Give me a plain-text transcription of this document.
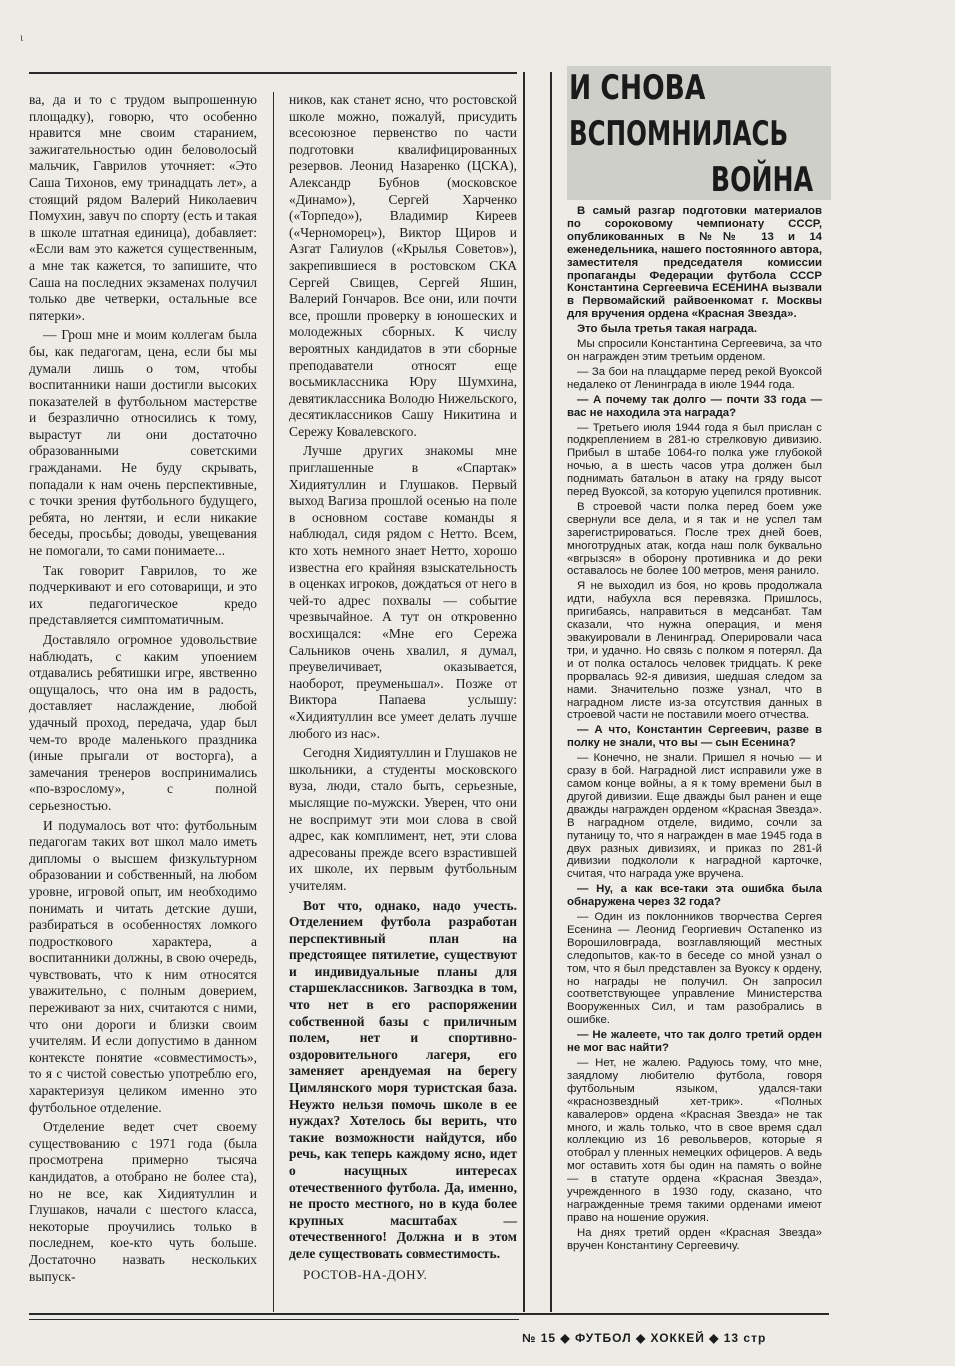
ι
И СНОВА
ВСПОМНИЛАСЬ
ВОЙНА

ва, да и то с трудом выпрошенную площадку), говорю, что особенно нравится мне своим старанием, зажигательностью один беловолосый мальчик, Гаврилов уточняет: «Это Саша Тихонов, ему тринадцать лет», а стоящий рядом Валерий Николаевич Помухин, завуч по спорту (есть и такая в школе штатная единица), добавляет: «Если вам это кажется существенным, а мне так кажется, то запишите, что Саша на последних экзаменах получил только две четверки, остальные все пятерки».

— Грош мне и моим коллегам была бы, как педагогам, цена, если бы мы думали лишь о том, чтобы воспитанники наши достигли высоких показателей в футбольном мастерстве и безразлично относились к тому, вырастут ли они достаточно образованными советскими гражданами. Не буду скрывать, попадали к нам очень перспективные, с точки зрения футбольного будущего, ребята, но лентяи, и если никакие беседы, просьбы; доводы, увещевания не помогали, то сами понимаете...

Так говорит Гаврилов, то же подчеркивают и его сотоварищи, и это их педагогическое кредо представляется симптоматичным.

Доставляло огромное удовольствие наблюдать, с каким упоением отдавались ребятишки игре, явственно ощущалось, что она им в радость, доставляет наслаждение, любой удачный проход, передача, удар был чем-то вроде маленького праздника (иные прыгали от восторга), а замечания тренеров воспринимались «по-взрослому», с полной серьезностью.

И подумалось вот что: футбольным педагогам таких вот школ мало иметь дипломы о высшем физкультурном образовании и собственный, на любом уровне, игровой опыт, им необходимо понимать и читать детские души, разбираться в особенностях ломкого подросткового характера, а воспитанники должны, в свою очередь, чувствовать, что к ним относятся уважительно, с полным доверием, переживают за них, считаются с ними, что они дороги и близки своим учителям. И если допустимо в данном контексте понятие «совместимость», то я с чистой совестью употреблю его, характеризуя целиком именно это футбольное отделение.

Отделение ведет счет своему существованию с 1971 года (была просмотрена примерно тысяча кандидатов, а отобрано не более ста), но не все, как Хидиятуллин и Глушаков, начали с шестого класса, некоторые проучились только в последнем, кое-кто чуть больше. Достаточно назвать нескольких выпуск-

ников, как станет ясно, что ростовской школе можно, пожалуй, присудить всесоюзное первенство по части подготовки квалифицированных резервов. Леонид Назаренко (ЦСКА), Александр Бубнов (московское «Динамо»), Сергей Харченко («Торпедо»), Владимир Киреев («Черноморец»), Виктор Щиров и Азгат Галиулов («Крылья Советов»), закрепившиеся в ростовском СКА Сергей Свищев, Сергей Яшин, Валерий Гончаров. Все они, или почти все, прошли проверку в юношеских и молодежных сборных. К числу вероятных кандидатов в эти сборные преподаватели относят еще восьмиклассника Юру Шумхина, девятиклассника Володю Нижельского, десятиклассников Сашу Никитина и Сережу Ковалевского.

Лучше других знакомы мне приглашенные в «Спартак» Хидиятуллин и Глушаков. Первый выход Вагиза прошлой осенью на поле в основном составе команды я наблюдал, сидя рядом с Нетто. Всем, кто хоть немного знает Нетто, хорошо известна его крайняя взыскательность в оценках игроков, дождаться от него в чей-то адрес похвалы — событие чрезвычайное. А тут он откровенно восхищался: «Мне его Сережа Сальников очень хвалил, я думал, преувеличивает, оказывается, наоборот, преуменьшал». Позже от Виктора Папаева услышу: «Хидиятуллин все умеет делать лучше любого из нас».

Сегодня Хидиятуллин и Глушаков не школьники, а студенты московского вуза, люди, стало быть, серьезные, мыслящие по-мужски. Уверен, что они не воспримут эти мои слова в свой адрес, как комплимент, нет, эти слова адресованы прежде всего взрастившей их школе, их первым футбольным учителям.

Вот что, однако, надо учесть. Отделением футбола разработан перспективный план на предстоящее пятилетие, существуют и индивидуальные планы для старшеклассников. Загвоздка в том, что нет в его распоряжении собственной базы с приличным полем, нет и спортивно-оздоровительного лагеря, его заменяет арендуемая на берегу Цимлянского моря туристская база. Неужто нельзя помочь школе в ее нуждах? Хотелось бы верить, что такие возможности найдутся, ибо речь, как теперь каждому ясно, идет о насущных интересах отечественного футбола. Да, именно, не просто местного, но в куда более крупных масштабах — отечественного! Должна и в этом деле существовать совместимость.

РОСТОВ-НА-ДОНУ.

В самый разгар подготовки материалов по сороковому чемпионату СССР, опубликованных в №№ 13 и 14 еженедельника, нашего постоянного автора, заместителя председателя комиссии пропаганды Федерации футбола СССР Константина Сергеевича ЕСЕНИНА вызвали в Первомайский райвоенкомат г. Москвы для вручения ордена «Красная Звезда».

Это была третья такая награда.

Мы спросили Константина Сергеевича, за что он награжден этим третьим орденом.

— За бои на плацдарме перед рекой Вуоксой недалеко от Ленинграда в июле 1944 года.

— А почему так долго — почти 33 года — вас не находила эта награда?

— Третьего июля 1944 года я был прислан с подкреплением в 281-ю стрелковую дивизию. Прибыл в штабе 1064-го полка уже глубокой ночью, а в шесть часов утра должен был поднимать батальон в атаку на гряду высот перед Вуоксой, за которую уцепился противник.

В строевой части полка перед боем уже свернули все дела, и я так и не успел там зарегистрироваться. После трех дней боев, многотрудных атак, когда наш полк буквально «вгрызся» в оборону противника и до реки оставалось не более 100 метров, меня ранило.

Я не выходил из боя, но кровь продолжала идти, набухла вся перевязка. Пришлось, пригибаясь, направиться в медсанбат. Там сказали, что нужна операция, и меня эвакуировали в Ленинград. Оперировали часа три, и удачно. Но связь с полком я потерял. Да и от полка осталось человек тридцать. К реке прорвалась 92-я дивизия, шедшая следом за нами. Значительно позже узнал, что в наградном листе из-за отсутствия данных в строевой части не поставили моего отчества.

— А что, Константин Сергеевич, разве в полку не знали, что вы — сын Есенина?

— Конечно, не знали. Пришел я ночью — и сразу в бой. Наградной лист исправили уже в самом конце войны, а я к тому времени был в другой дивизии. Еще дважды был ранен и еще дважды награжден орденом «Красная Звезда». В наградном отделе, видимо, сочли за путаницу то, что я награжден в мае 1945 года в двух разных дивизиях, и приказ по 281-й дивизии подкололи к наградной карточке, считая, что награда уже вручена.

— Ну, а как все-таки эта ошибка была обнаружена через 32 года?

— Один из поклонников творчества Сергея Есенина — Леонид Георгиевич Остапенко из Ворошиловграда, возглавляющий местных следопытов, как-то в беседе со мной узнал о том, что я был представлен за Вуоксу к ордену, но награды не получил. Он запросил соответствующее управление Министерства Вооруженных Сил, и там разобрались в ошибке.

— Не жалеете, что так долго третий орден не мог вас найти?

— Нет, не жалею. Радуюсь тому, что мне, заядлому любителю футбола, говоря футбольным языком, удался-таки «краснозвездный хет-трик». «Полных кавалеров» ордена «Красная Звезда» не так много, и жаль только, что в свое время сдал коллекцию из 16 револьверов, которые я отобрал у пленных немецких офицеров. А ведь мог оставить хотя бы один на память о войне — в статуте ордена «Красная Звезда», учрежденного в 1930 году, сказано, что награжденные тремя такими орденами имеют право на ношение оружия.

На днях третий орден «Красная Звезда» вручен Константину Сергеевичу.

№ 15 ◆ ФУТБОЛ ◆ ХОККЕЙ ◆ 13 стр
